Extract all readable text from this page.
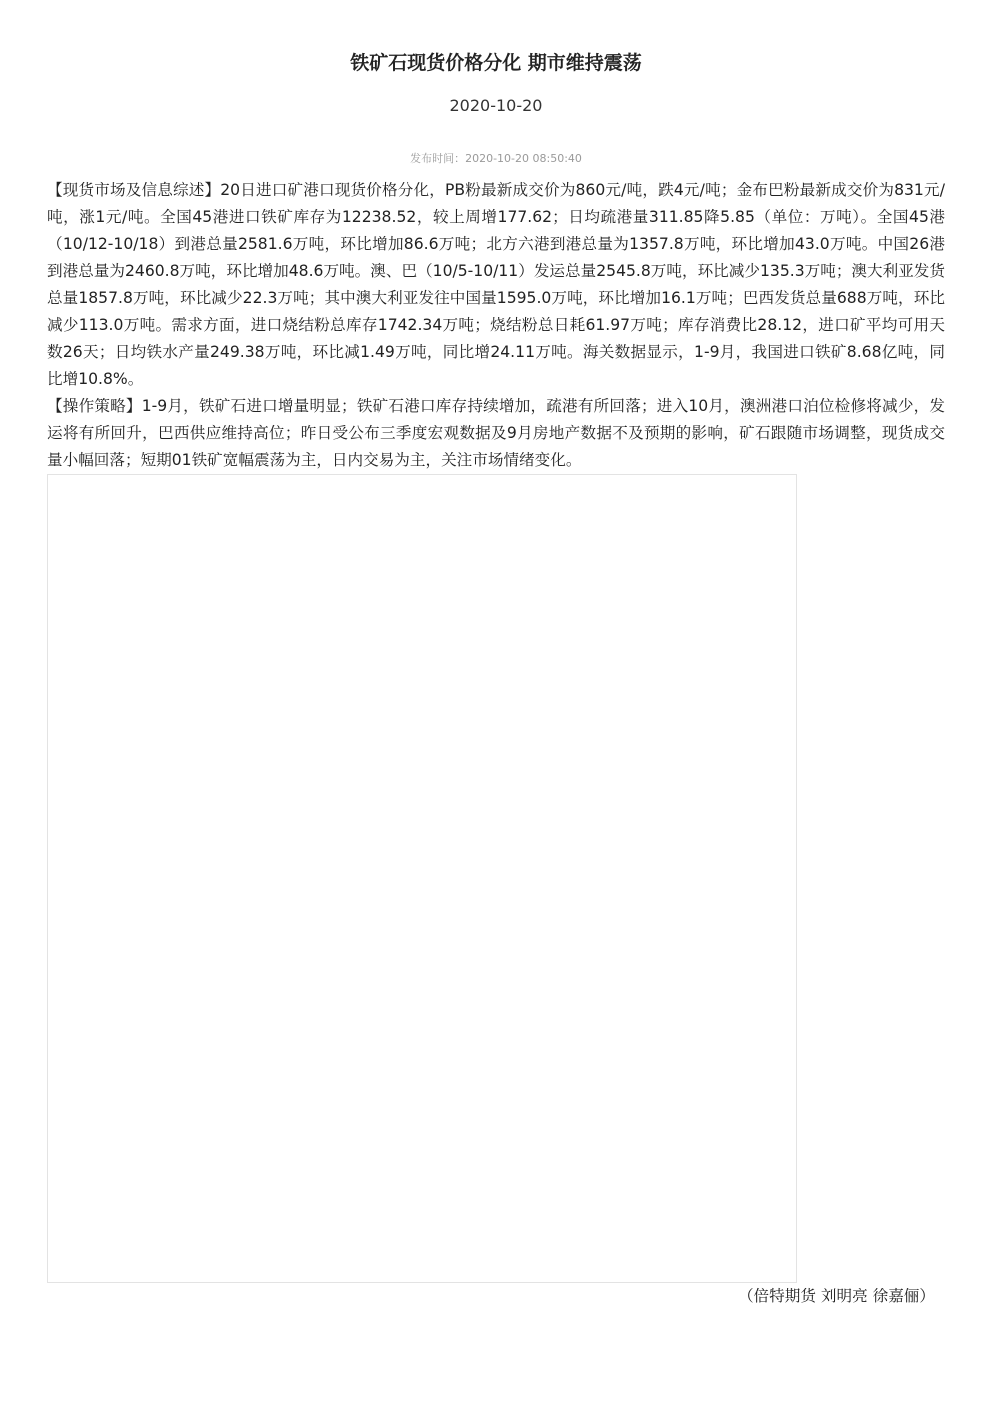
铁矿石现货价格分化 期市维持震荡
2020-10-20
发布时间：2020-10-20 08:50:40

【现货市场及信息综述】20日进口矿港口现货价格分化，PB粉最新成交价为860元/吨，跌4元/吨；金布巴粉最新成交价为831元/吨，涨1元/吨。全国45港进口铁矿库存为12238.52，较上周增177.62；日均疏港量311.85降5.85（单位：万吨）。全国45港（10/12-10/18）到港总量2581.6万吨，环比增加86.6万吨；北方六港到港总量为1357.8万吨，环比增加43.0万吨。中国26港到港总量为2460.8万吨，环比增加48.6万吨。澳、巴（10/5-10/11）发运总量2545.8万吨，环比减少135.3万吨；澳大利亚发货总量1857.8万吨，环比减少22.3万吨；其中澳大利亚发往中国量1595.0万吨，环比增加16.1万吨；巴西发货总量688万吨，环比减少113.0万吨。需求方面，进口烧结粉总库存1742.34万吨；烧结粉总日耗61.97万吨；库存消费比28.12，进口矿平均可用天数26天；日均铁水产量249.38万吨，环比减1.49万吨，同比增24.11万吨。海关数据显示，1-9月，我国进口铁矿8.68亿吨，同比增10.8%。

【操作策略】1-9月，铁矿石进口增量明显；铁矿石港口库存持续增加，疏港有所回落；进入10月，澳洲港口泊位检修将减少，发运将有所回升，巴西供应维持高位；昨日受公布三季度宏观数据及9月房地产数据不及预期的影响，矿石跟随市场调整，现货成交量小幅回落；短期01铁矿宽幅震荡为主，日内交易为主，关注市场情绪变化。

（倍特期货 刘明亮 徐嘉俪）
